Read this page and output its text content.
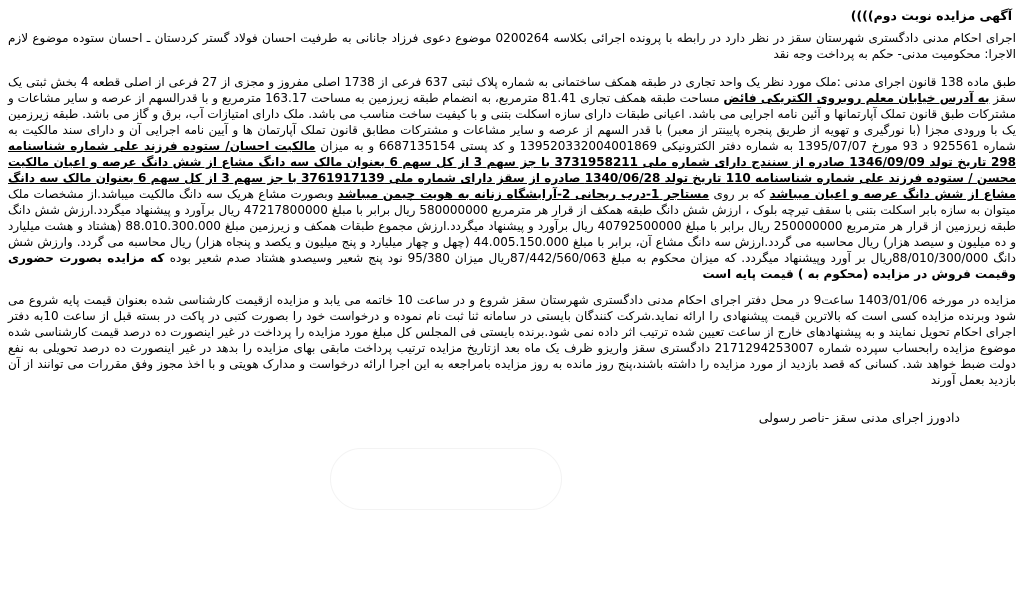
آگهی مزایده نوبت دوم))))

اجرای احکام مدنی دادگستری شهرستان سقز در نظر دارد در رابطه با پرونده اجرائی بکلاسه 0200264 موضوع دعوی فرزاد جانانی به طرفیت احسان فولاد گستر کردستان ـ احسان ستوده موضوع لازم الاجرا: محکومیت مدنی- حکم به پرداخت وجه نقد

طبق ماده 138 قانون اجرای مدنی :ملک مورد نظر یک واحد تجاری در طبقه همکف ساختمانی به شماره پلاک ثبتی 637 فرعی از 1738 اصلی مفروز و مجزی از 27 فرعی از اصلی قطعه 4 بخش ثبتی یک سقز به آدرس خیابان معلم روبروی الکتریکی فائض مساحت طبقه همکف تجاری 81.41 مترمربع، به انضمام طبقه زیرزمین به مساحت 163.17 مترمربع و با قدرالسهم از عرصه و سایر مشاعات و مشترکات طبق قانون تملک آپارتمانها و آئین نامه اجرایی می باشد. اعیانی طبقات دارای سازه اسکلت بتنی و با کیفیت ساخت مناسب می باشد. ملک دارای امتیازات آب، برق و گاز می باشد. طبقه زیرزمین یک با ورودی مجزا (با نورگیری و تهویه از طریق پنجره پایینتر از معبر) با قدر السهم از عرصه و سایر مشاعات و مشترکات مطابق قانون تملک آپارتمان ها و آیین نامه اجرایی آن و دارای سند مالکیت به شماره 925561 د 93 مورخ 1395/07/07 به شماره دفتر الکترونیکی 139520332004001869 و کد پستی 6687135154 و به میزان مالکیت احسان/ ستوده فرزند علی شماره شناسنامه 298 تاریخ تولد 1346/09/09 صادره از سنندج دارای شماره ملی 3731958211 با جز سهم 3 از کل سهم 6 بعنوان مالک سه دانگ مشاع از شش دانگ عرصه و اعیان مالکیت محسن / ستوده فرزند علی شماره شناسنامه 110 تاریخ تولد 1340/06/28 صادره از سقز دارای شماره ملی 3761917139 با جز سهم 3 از کل سهم 6 بعنوان مالک سه دانگ مشاع از شش دانگ عرصه و اعیان میباشد که بر روی مستاجر 1-درب ریحانی 2-آرایشگاه زنانه به هویت چیمن میباشد وبصورت مشاع هریک سه دانگ مالکیت میباشد.از مشخصات ملک میتوان به سازه بابر اسکلت بتنی با سقف تیرچه بلوک ، ارزش شش دانگ طبقه همکف از قرار هر مترمربع 580000000 ریال برابر با مبلغ 47217800000 ریال برآورد و پیشنهاد میگردد.ارزش شش دانگ طبقه زیرزمین از قرار هر مترمربع 250000000 ریال برابر با مبلغ 40792500000 ریال برآورد و پیشنهاد میگردد.ارزش مجموع طبقات همکف و زیرزمین مبلغ 88.010.300.000 (هشتاد و هشت میلیارد و ده میلیون و سیصد هزار) ریال محاسبه می گردد.ارزش سه دانگ مشاع آن، برابر با مبلغ 44.005.150.000 (چهل و چهار میلیارد و پنج میلیون و یکصد و پنجاه هزار) ریال محاسبه می گردد. وارزش شش دانگ 88/010/300/000ریال بر آورد وپیشنهاد میگردد. که میزان محکوم به مبلغ 87/442/560/063ریال میزان 95/380 نود پنج شعیر وسیصدو هشتاد صدم شعیر بوده که مزایده بصورت حضوری وقیمت فروش در مزایده (محکوم به ) قیمت پایه است

مزایده در مورخه 1403/01/06 ساعت9 در محل دفتر اجرای احکام مدنی دادگستری شهرستان سقز شروع و در ساعت 10 خاتمه می یابد و مزایده ازقیمت کارشناسی شده بعنوان قیمت پایه شروع می شود وبرنده مزایده کسی است که بالاترین قیمت پیشنهادی را ارائه نماید.شرکت کنندگان بایستی در سامانه ثنا ثبت نام نموده و درخواست خود را بصورت کتبی در پاکت در بسته قبل از ساعت 10به دفتر اجرای احکام تحویل نمایند و به پیشنهادهای خارج از ساعت تعیین شده ترتیب اثر داده نمی شود.برنده بایستی فی المجلس کل مبلغ مورد مزایده را پرداخت در غیر اینصورت ده درصد قیمت کارشناسی شده موضوع مزایده رابحساب سپرده شماره 2171294253007 دادگستری سقز واریزو ظرف یک ماه بعد ازتاریخ مزایده ترتیب پرداخت مابقی بهای مزایده را بدهد در غیر اینصورت ده درصد تحویلی به نفع دولت ضبط خواهد شد. کسانی که قصد بازدید از مورد مزایده را داشته باشند،پنج روز مانده به روز مزایده بامراجعه به این اجرا ارائه درخواست و مدارک هویتی و با اخذ مجوز وفق مقررات می توانند از آن بازدید بعمل آورند

دادورز اجرای مدنی سقز -ناصر رسولی
